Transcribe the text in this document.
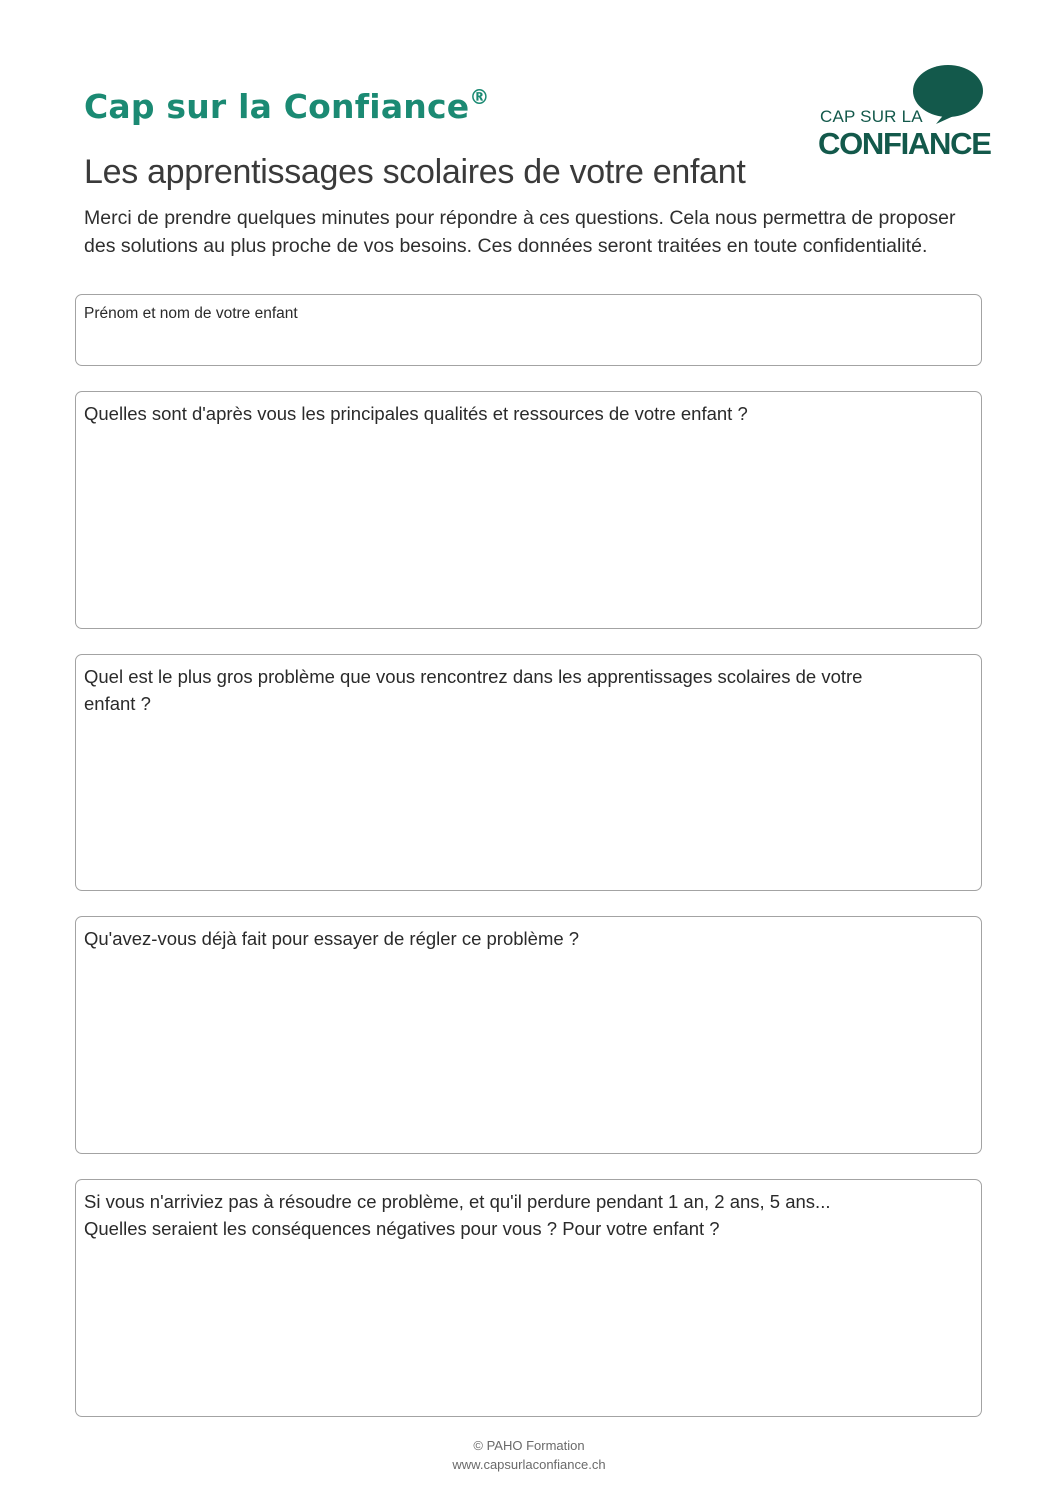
Cap sur la Confiance®
CAP SUR LA
CONFIANCE
Les apprentissages scolaires de votre enfant

Merci de prendre quelques minutes pour répondre à ces questions. Cela nous permettra de proposer
des solutions au plus proche de vos besoins. Ces données seront traitées en toute confidentialité.

Prénom et nom de votre enfant
Quelles sont d'après vous les principales qualités et ressources de votre enfant ?
Quel est le plus gros problème que vous rencontrez dans les apprentissages scolaires de votre
enfant ?
Qu'avez-vous déjà fait pour essayer de régler ce problème ?
Si vous n'arriviez pas à résoudre ce problème, et qu'il perdure pendant 1 an, 2 ans, 5 ans...
Quelles seraient les conséquences négatives pour vous ? Pour votre enfant ?
© PAHO Formation
www.capsurlaconfiance.ch
